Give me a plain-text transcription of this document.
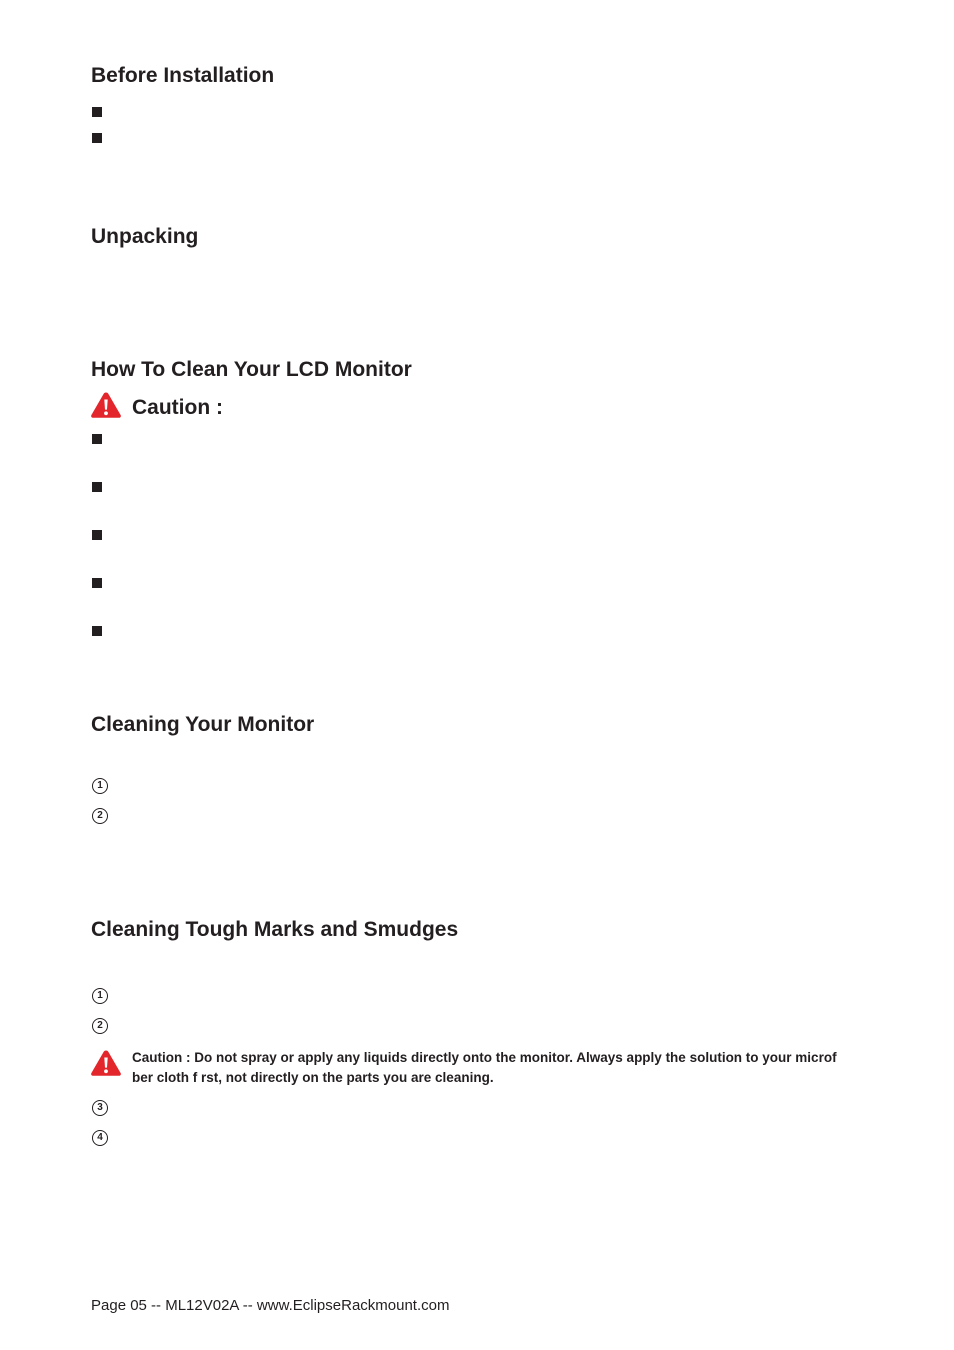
Before Installation
Unpacking
How To Clean Your LCD Monitor
Caution :
Cleaning Your Monitor
1
2
Cleaning Tough Marks and Smudges
1
2
Caution : Do not spray or apply any liquids directly onto the monitor. Always apply the solution to your microf ber cloth f rst, not directly on the parts you are cleaning.
3
4
Page 05 -- ML12V02A -- www.EclipseRackmount.com
